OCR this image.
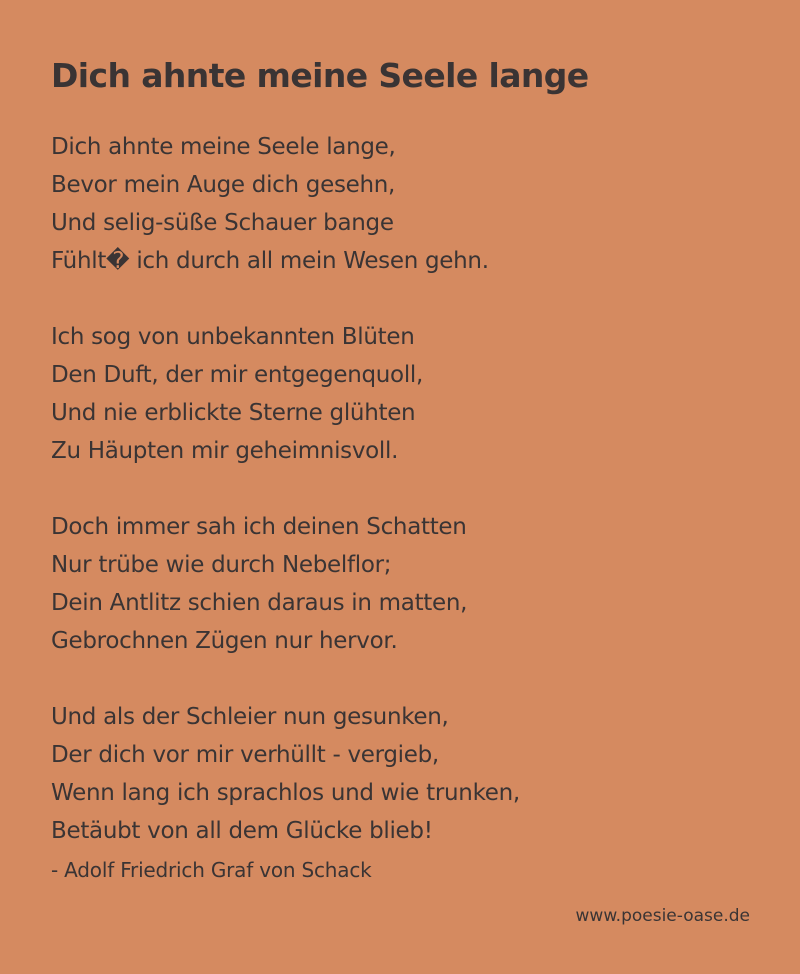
Dich ahnte meine Seele lange
Dich ahnte meine Seele lange,
Bevor mein Auge dich gesehn,
Und selig-süße Schauer bange
Fühlt� ich durch all mein Wesen gehn.
Ich sog von unbekannten Blüten
Den Duft, der mir entgegenquoll,
Und nie erblickte Sterne glühten
Zu Häupten mir geheimnisvoll.
Doch immer sah ich deinen Schatten
Nur trübe wie durch Nebelflor;
Dein Antlitz schien daraus in matten,
Gebrochnen Zügen nur hervor.
Und als der Schleier nun gesunken,
Der dich vor mir verhüllt - vergieb,
Wenn lang ich sprachlos und wie trunken,
Betäubt von all dem Glücke blieb!
- Adolf Friedrich Graf von Schack
www.poesie-oase.de
